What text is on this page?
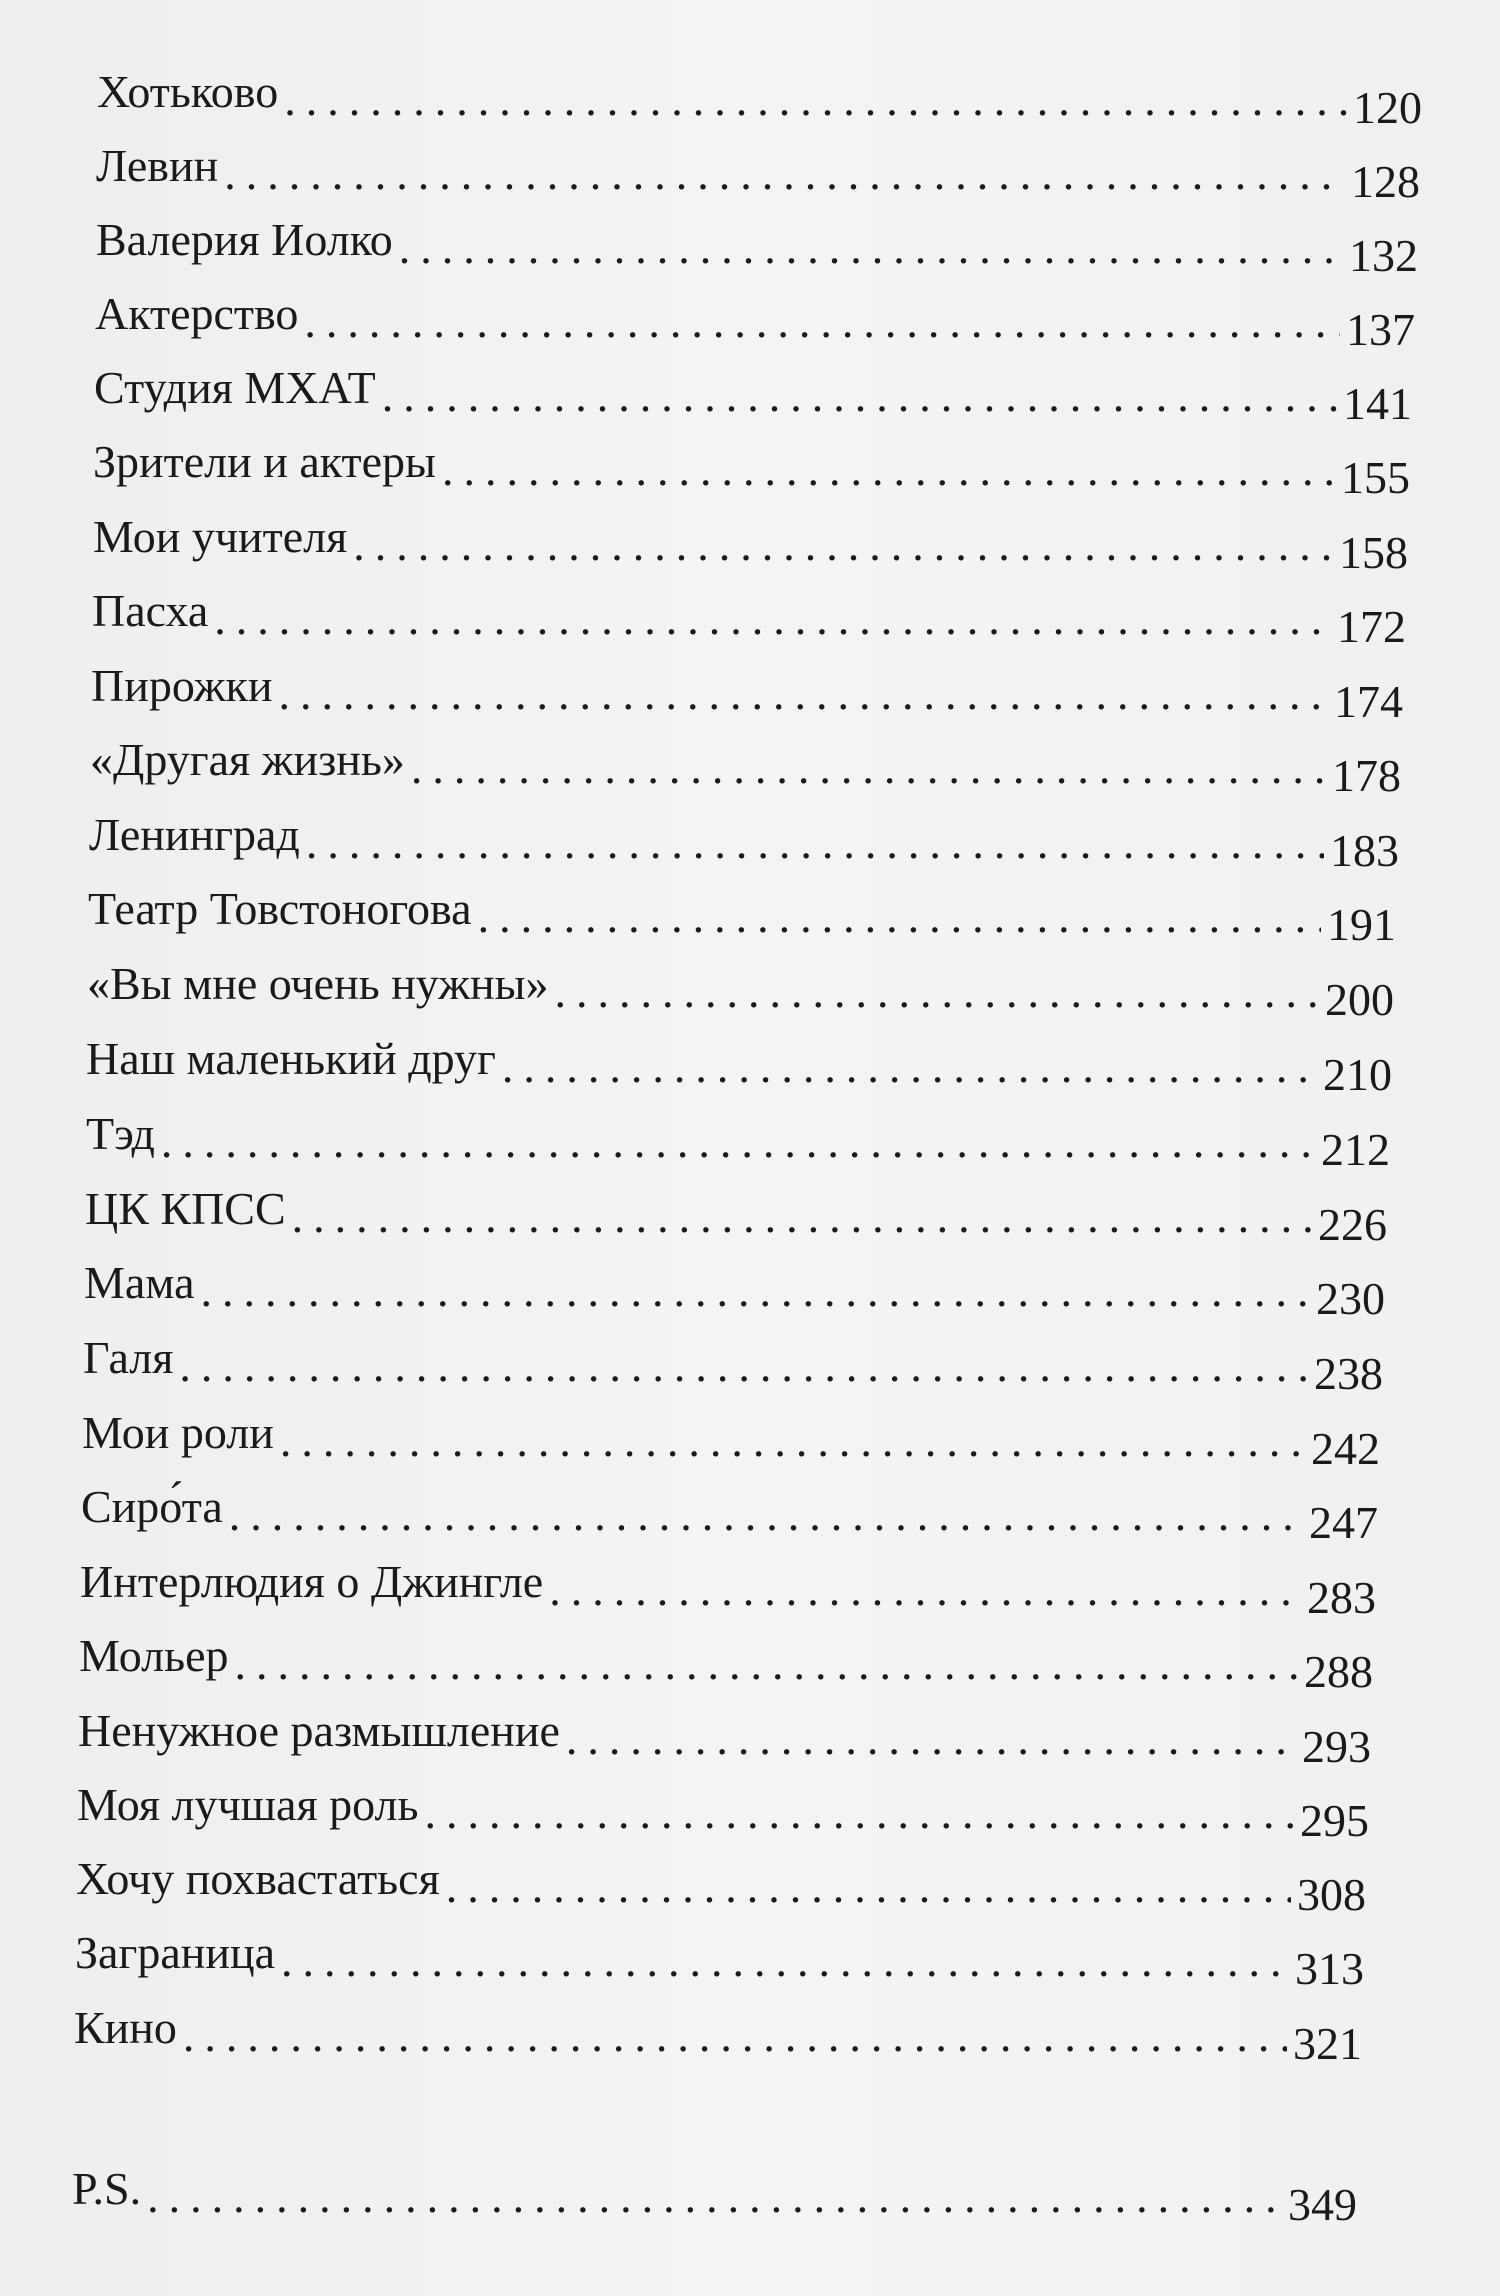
Хотьково .....	120
Левин .....	128
Валерия Иолко .....	132
Актерство .....	137
Студия МХАТ .....	141
Зрители и актеры .....	155
Мои учителя .....	158
Пасха .....	172
Пирожки .....	174
«Другая жизнь» .....	178
Ленинград .....	183
Театр Товстоногова .....	191
«Вы мне очень нужны» .....	200
Наш маленький друг .....	210
Тэд .....	212
ЦК КПСС .....	226
Мама .....	230
Галя .....	238
Мои роли .....	242
Сиро́та .....	247
Интерлюдия о Джингле .....	283
Мольер .....	288
Ненужное размышление .....	293
Моя лучшая роль .....	295
Хочу похвастаться .....	308
Заграница .....	313
Кино .....	321
P.S. .....	349
